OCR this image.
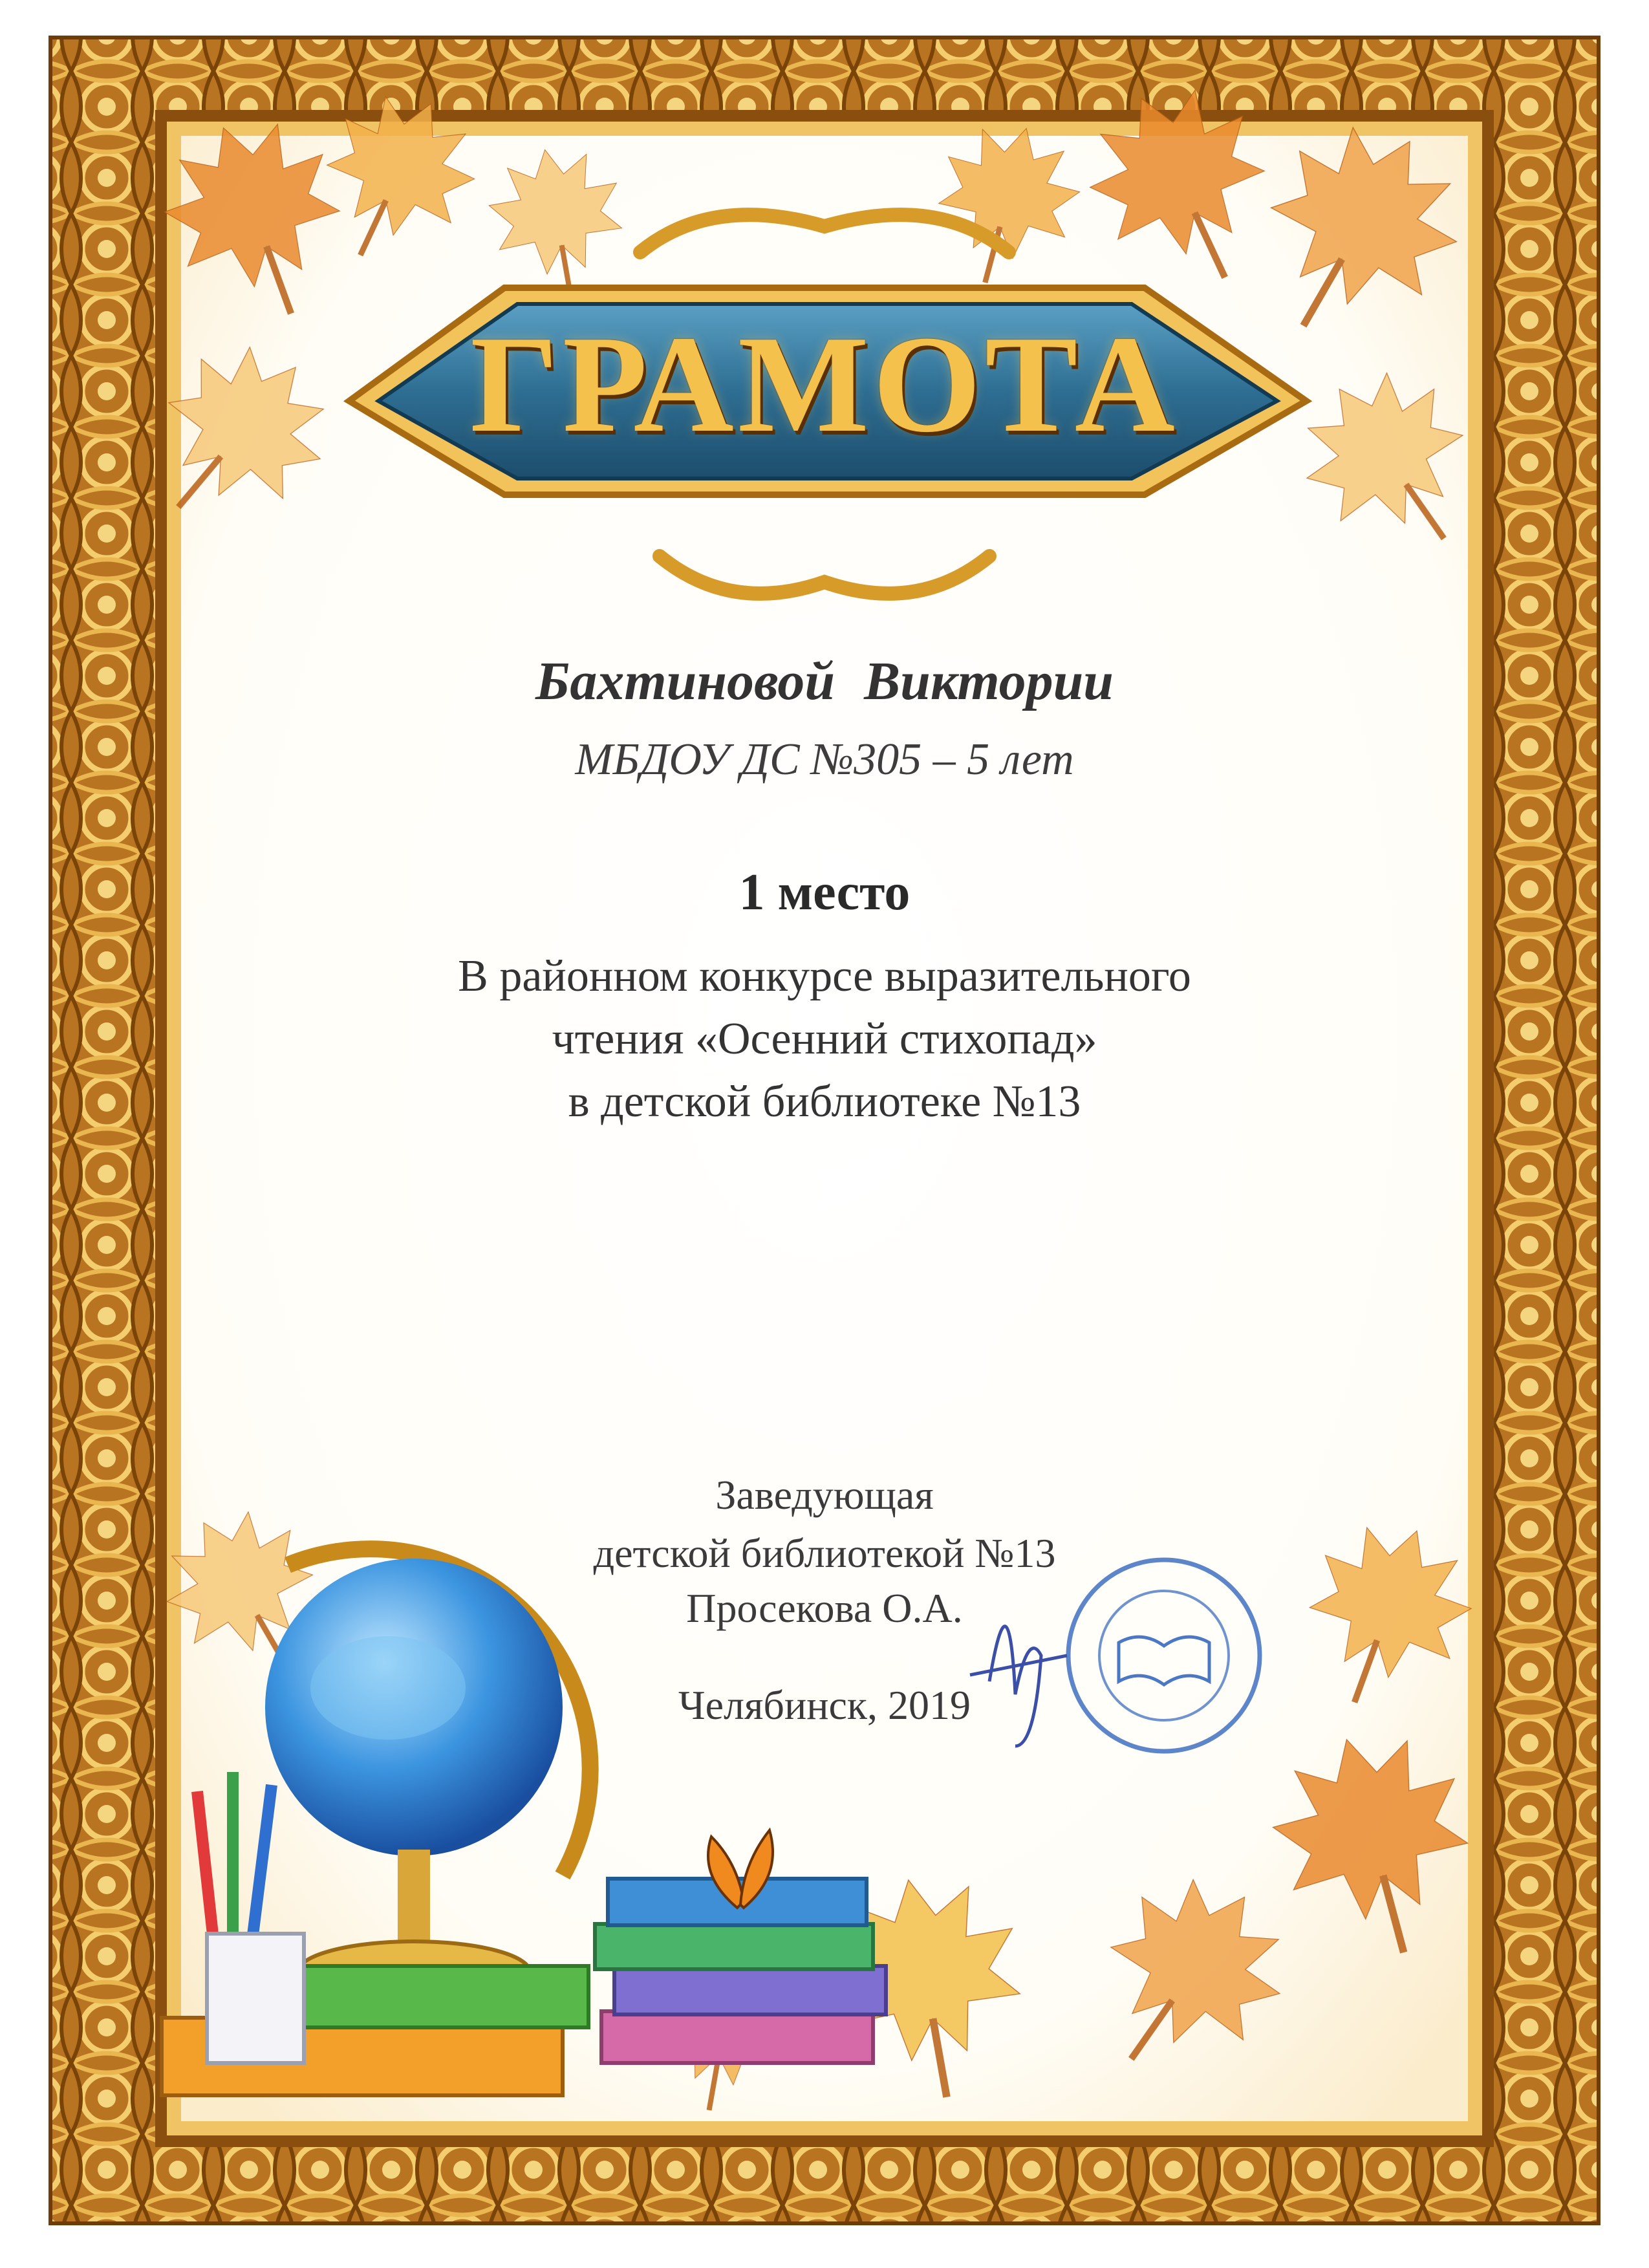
ГРАМОТА
Бахтиновой Виктории
МБДОУ ДС №305 – 5 лет
1 место
В районном конкурсе выразительного
чтения «Осенний стихопад»
в детской библиотеке №13
Заведующая
детской библиотекой №13
Просекова О.А.
Челябинск, 2019
